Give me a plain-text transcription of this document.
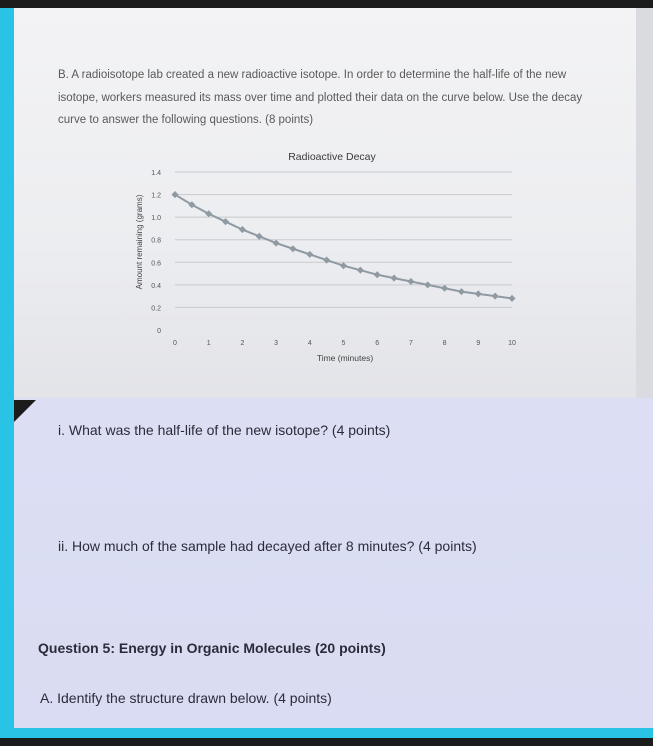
B. A radioisotope lab created a new radioactive isotope. In order to determine the half-life of the new isotope, workers measured its mass over time and plotted their data on the curve below. Use the decay curve to answer the following questions. (8 points)

0
0.2
0.4
0.6
0.8
1.0
1.2
1.4
0	1	2	3	4	5	6	7	8	9	10
Radioactive Decay
Time (minutes)
Amount remaining (grams)
i. What was the half-life of the new isotope? (4 points)
ii. How much of the sample had decayed after 8 minutes? (4 points)
Question 5: Energy in Organic Molecules (20 points)
A. Identify the structure drawn below. (4 points)
